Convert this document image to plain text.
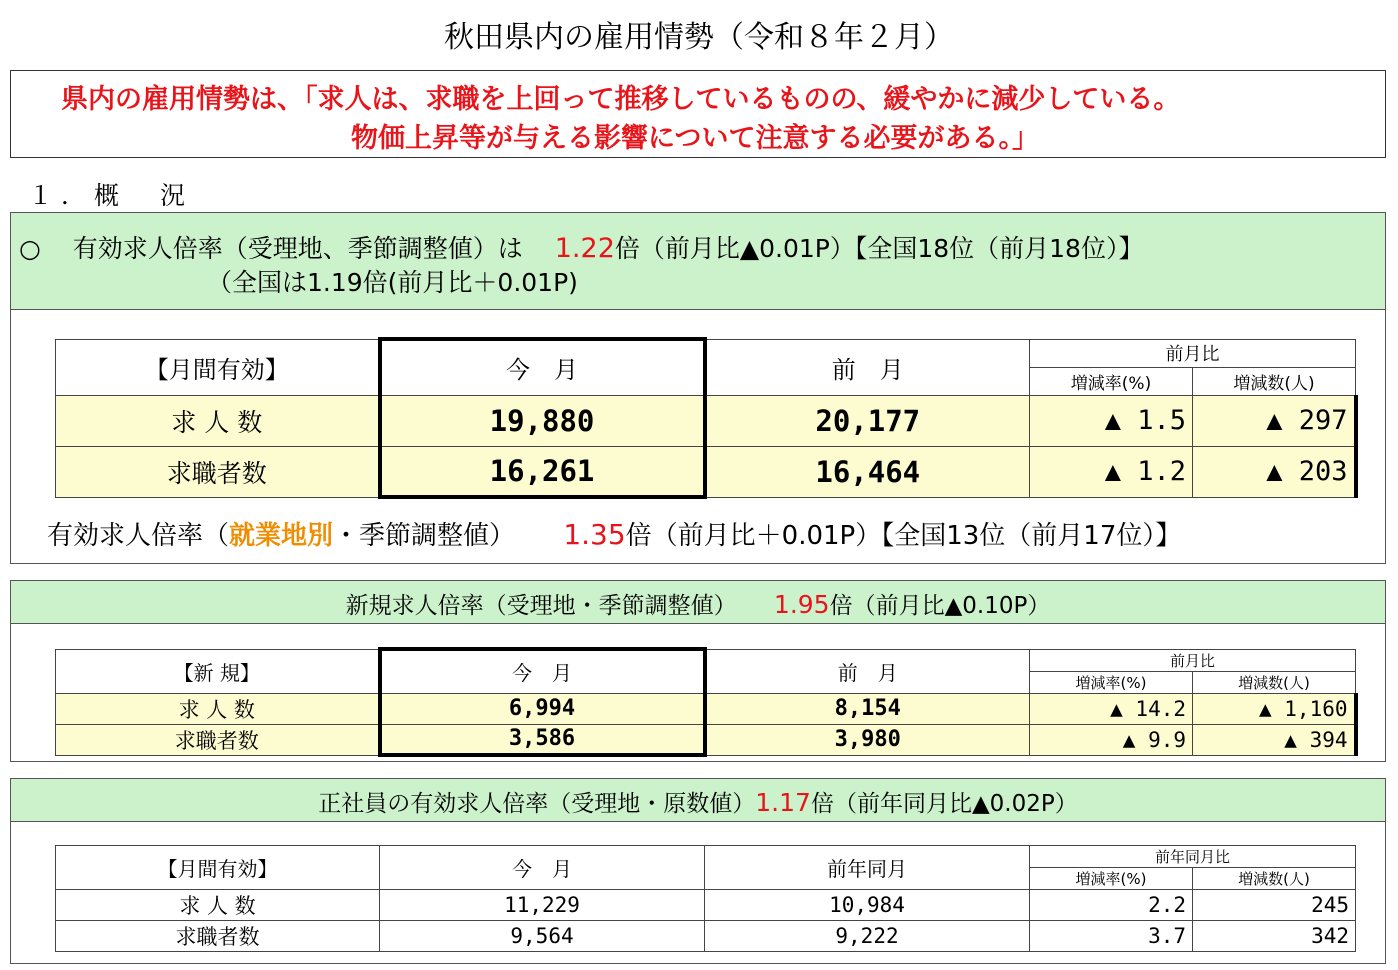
秋田県内の雇用情勢（令和８年２月）
県内の雇用情勢は、「求人は、求職を上回って推移しているものの、緩やかに減少している。
物価上昇等が与える影響について注意する必要がある。」
１．概　況
○ 有効求人倍率（受理地、季節調整値）は 1.22倍（前月比▲0.01P）【全国18位（前月18位）】
（全国は1.19倍(前月比＋0.01P)
【月間有効】	今　月	前　月	前月比	
			増減率(%)	増減数(人)
求 人 数	19,880	20,177	▲ 1.5	▲ 297
求職者数	16,261	16,464	▲ 1.2	▲ 203
有効求人倍率（就業地別・季節調整値） 1.35倍（前月比＋0.01P）【全国13位（前月17位）】
新規求人倍率（受理地・季節調整値） 1.95倍（前月比▲0.10P）
【新 規】	今　月	前　月	前月比	
			増減率(%)	増減数(人)
求 人 数	6,994	8,154	▲ 14.2	▲ 1,160
求職者数	3,586	3,980	▲ 9.9	▲ 394
正社員の有効求人倍率（受理地・原数値）1.17倍（前年同月比▲0.02P）
【月間有効】	今　月	前年同月	前年同月比	
			増減率(%)	増減数(人)
求 人 数	11,229	10,984	2.2	245
求職者数	9,564	9,222	3.7	342
